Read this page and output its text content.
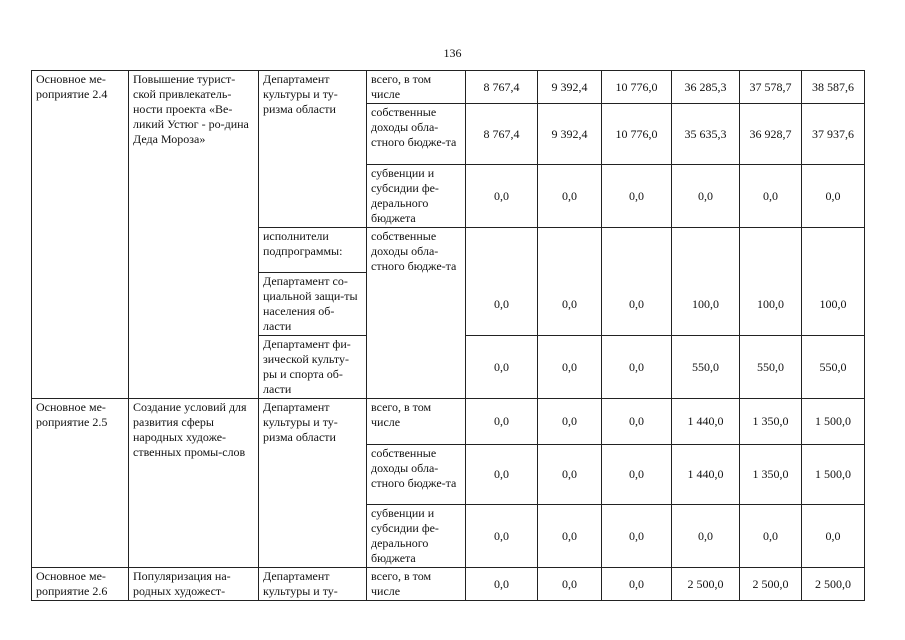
136
Основное ме-роприятие 2.4	Повышение турист-ской привлекатель-ности проекта «Ве-ликий Устюг - ро-дина Деда Мороза»	Департамент культуры и ту-ризма области	всего, в том числе	8 767,4	9 392,4	10 776,0	36 285,3	37 578,7	38 587,6
			собственные доходы обла-стного бюдже-та	8 767,4	9 392,4	10 776,0	35 635,3	36 928,7	37 937,6
			субвенции и субсидии фе-дерального бюджета	0,0	0,0	0,0	0,0	0,0	0,0
		исполнители подпрограммы:	собственные доходы обла-стного бюдже-та	0,0	0,0	0,0	100,0	100,0	100,0
		Департамент со-циальной защи-ты населения об-ласти							
		Департамент фи-зической культу-ры и спорта об-ласти		0,0	0,0	0,0	550,0	550,0	550,0
Основное ме-роприятие 2.5	Создание условий для развития сферы народных художе-ственных промы-слов	Департамент культуры и ту-ризма области	всего, в том числе	0,0	0,0	0,0	1 440,0	1 350,0	1 500,0
			собственные доходы обла-стного бюдже-та	0,0	0,0	0,0	1 440,0	1 350,0	1 500,0
			субвенции и субсидии фе-дерального бюджета	0,0	0,0	0,0	0,0	0,0	0,0
Основное ме-роприятие 2.6	Популяризация на-родных художест-	Департамент культуры и ту-	всего, в том числе	0,0	0,0	0,0	2 500,0	2 500,0	2 500,0
